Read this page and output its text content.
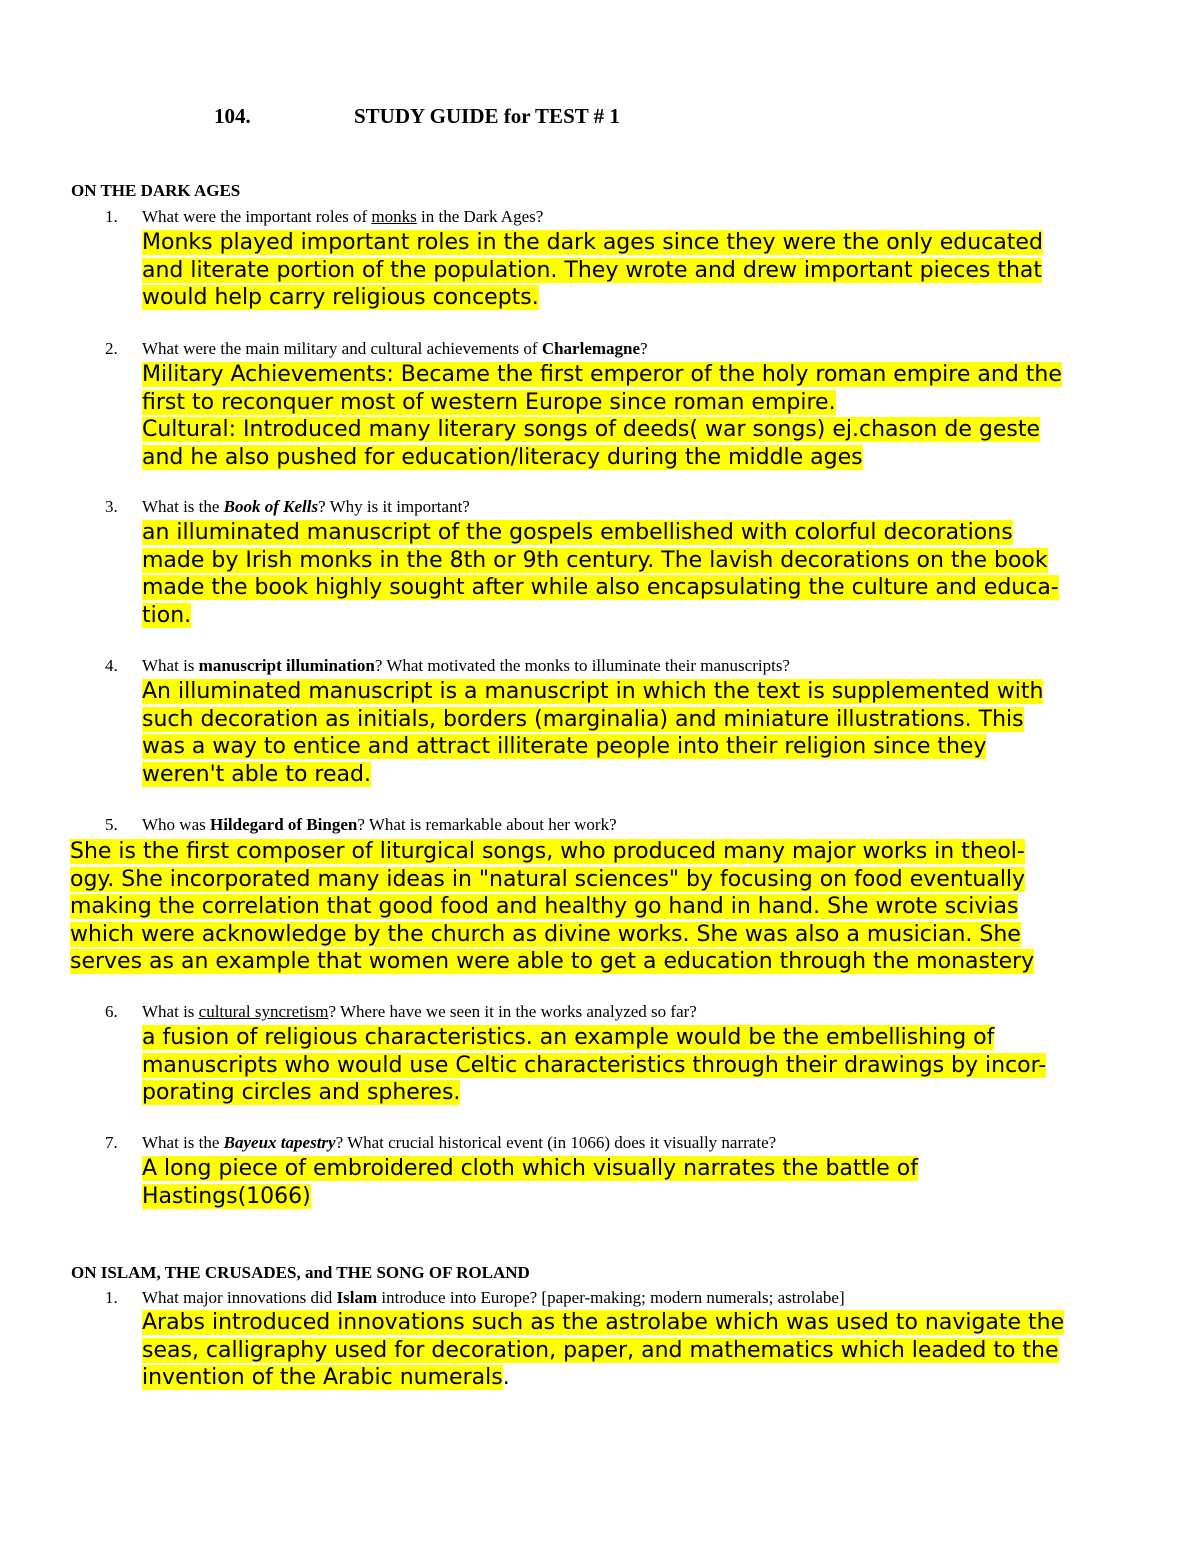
104.	STUDY GUIDE for TEST # 1
ON THE DARK AGES
1. What were the important roles of monks in the Dark Ages?
Monks played important roles in the dark ages since they were the only educated
and literate portion of the population. They wrote and drew important pieces that
would help carry religious concepts.
2. What were the main military and cultural achievements of Charlemagne?
Military Achievements: Became the first emperor of the holy roman empire and the
first to reconquer most of western Europe since roman empire.
Cultural: Introduced many literary songs of deeds( war songs) ej.chason de geste
and he also pushed for education/literacy during the middle ages
3. What is the Book of Kells? Why is it important?
an illuminated manuscript of the gospels embellished with colorful decorations
made by Irish monks in the 8th or 9th century. The lavish decorations on the book
made the book highly sought after while also encapsulating the culture and educa-
tion.
4. What is manuscript illumination? What motivated the monks to illuminate their manuscripts?
An illuminated manuscript is a manuscript in which the text is supplemented with
such decoration as initials, borders (marginalia) and miniature illustrations. This
was a way to entice and attract illiterate people into their religion since they
weren't able to read.
5. Who was Hildegard of Bingen? What is remarkable about her work?
She is the first composer of liturgical songs, who produced many major works in theol-
ogy. She incorporated many ideas in "natural sciences" by focusing on food eventually
making the correlation that good food and healthy go hand in hand. She wrote scivias
which were acknowledge by the church as divine works. She was also a musician. She
serves as an example that women were able to get a education through the monastery
6. What is cultural syncretism? Where have we seen it in the works analyzed so far?
a fusion of religious characteristics. an example would be the embellishing of
manuscripts who would use Celtic characteristics through their drawings by incor-
porating circles and spheres.
7. What is the Bayeux tapestry? What crucial historical event (in 1066) does it visually narrate?
A long piece of embroidered cloth which visually narrates the battle of
Hastings(1066)
ON ISLAM, THE CRUSADES, and THE SONG OF ROLAND
1. What major innovations did Islam introduce into Europe? [paper-making; modern numerals; astrolabe]
Arabs introduced innovations such as the astrolabe which was used to navigate the
seas, calligraphy used for decoration, paper, and mathematics which leaded to the
invention of the Arabic numerals.
